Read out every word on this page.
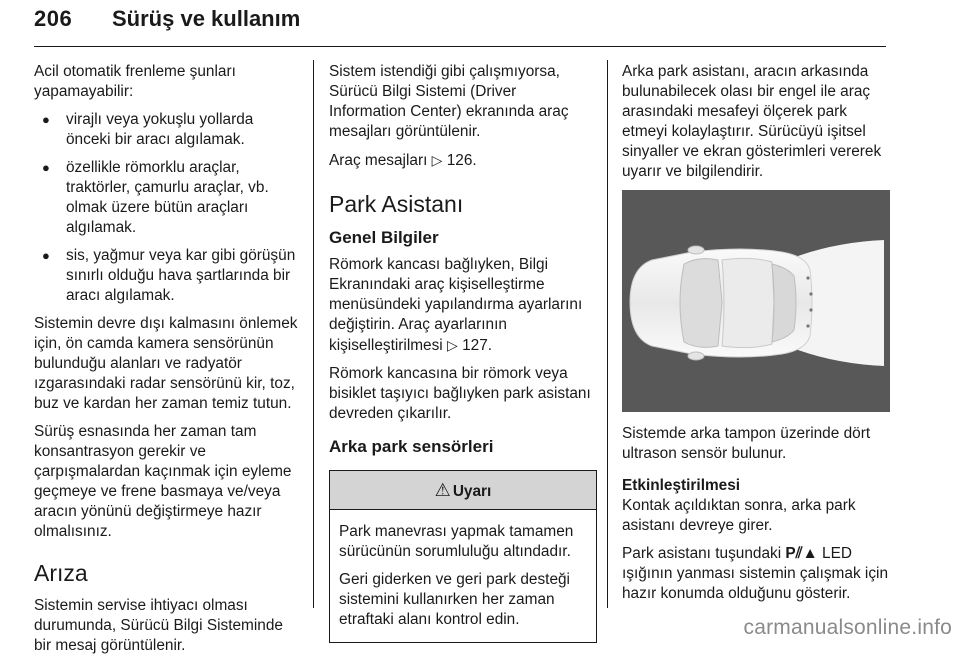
206 Sürüş ve kullanım

Acil otomatik frenleme şunları yapamayabilir:

● virajlı veya yokuşlu yollarda önceki bir aracı algılamak.
● özellikle römorklu araçlar, traktörler, çamurlu araçlar, vb. olmak üzere bütün araçları algılamak.
● sis, yağmur veya kar gibi görüşün sınırlı olduğu hava şartlarında bir aracı algılamak.

Sistemin devre dışı kalmasını önlemek için, ön camda kamera sensörünün bulunduğu alanları ve radyatör ızgarasındaki radar sensörünü kir, toz, buz ve kardan her zaman temiz tutun.

Sürüş esnasında her zaman tam konsantrasyon gerekir ve çarpışmalardan kaçınmak için eyleme geçmeye ve frene basmaya ve/veya aracın yönünü değiştirmeye hazır olmalısınız.

Arıza

Sistemin servise ihtiyacı olması durumunda, Sürücü Bilgi Sisteminde bir mesaj görüntülenir.

Sistem istendiği gibi çalışmıyorsa, Sürücü Bilgi Sistemi (Driver Information Center) ekranında araç mesajları görüntülenir.

Araç mesajları ▷ 126.

Park Asistanı
Genel Bilgiler

Römork kancası bağlıyken, Bilgi Ekranındaki araç kişiselleştirme menüsündeki yapılandırma ayarlarını değiştirin. Araç ayarlarının kişiselleştirilmesi ▷ 127.

Römork kancasına bir römork veya bisiklet taşıyıcı bağlıyken park asistanı devreden çıkarılır.

Arka park sensörleri
⚠ Uyarı

Park manevrası yapmak tamamen sürücünün sorumluluğu altındadır.

Geri giderken ve geri park desteği sistemini kullanırken her zaman etraftaki alanı kontrol edin.

Arka park asistanı, aracın arkasında bulunabilecek olası bir engel ile araç arasındaki mesafeyi ölçerek park etmeyi kolaylaştırır. Sürücüyü işitsel sinyaller ve ekran gösterimleri vererek uyarır ve bilgilendirir.

Sistemde arka tampon üzerinde dört ultrason sensör bulunur.

Etkinleştirilmesi

Kontak açıldıktan sonra, arka park asistanı devreye girer.

Park asistanı tuşundaki P⫽▲ LED ışığının yanması sistemin çalışmak için hazır konumda olduğunu gösterir.

carmanualsonline.info
